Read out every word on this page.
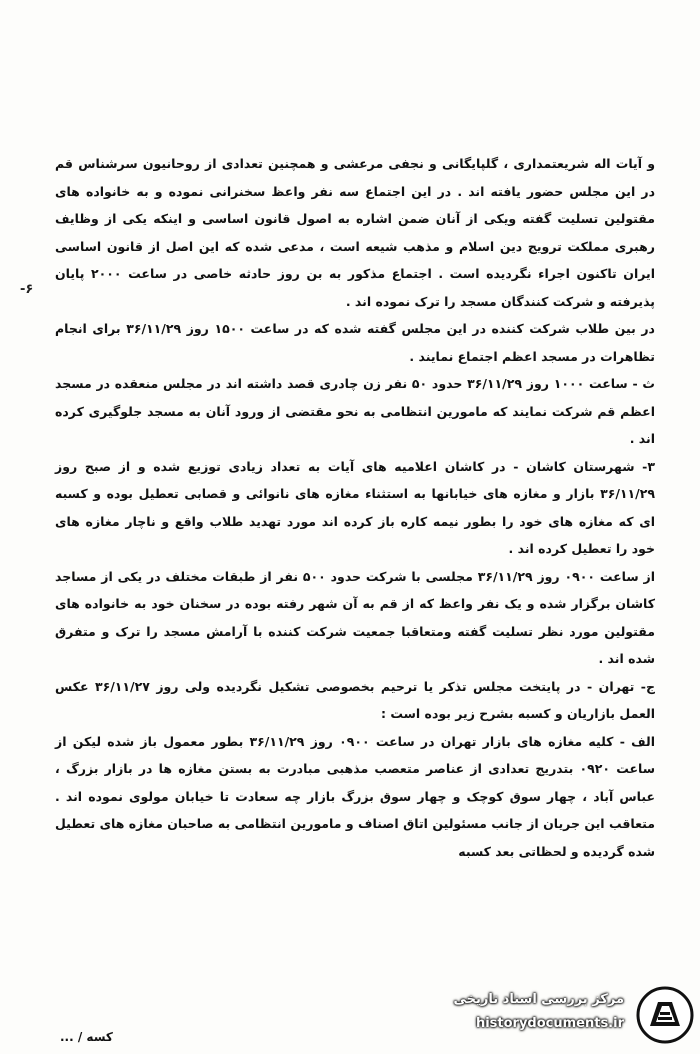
-۶

و آیات اله شریعتمداری ، گلپایگانی و نجفی مرعشی و همچنین تعدادی از روحانیون سرشناس قم در این مجلس حضور یافته اند . در این اجتماع سه نفر واعظ سخنرانی نموده و به خانواده های مقتولین تسلیت گفته ویکی از آنان ضمن اشاره به اصول قانون اساسی و اینکه یکی از وظایف رهبری مملکت ترویج دین اسلام و مذهب شیعه است ، مدعی شده که این اصل از قانون اساسی ایران تاکنون اجراء نگردیده است . اجتماع مذکور به بن روز حادثه خاصی در ساعت ۲۰۰۰ پایان پذیرفته و شرکت کنندگان مسجد را ترک نموده اند .

در بین طلاب شرکت کننده در این مجلس گفته شده که در ساعت ۱۵۰۰ روز ۳۶/۱۱/۲۹ برای انجام تظاهرات در مسجد اعظم اجتماع نمایند .

ث - ساعت ۱۰۰۰ روز ۳۶/۱۱/۲۹ حدود ۵۰ نفر زن چادری قصد داشته اند در مجلس منعقده در مسجد اعظم قم شرکت نمایند که مامورین انتظامی به نحو مقتضی از ورود آنان به مسجد جلوگیری کرده اند .

۳- شهرستان کاشان - در کاشان اعلامیه های آیات به تعداد زیادی توزیع شده و از صبح روز ۳۶/۱۱/۲۹ بازار و مغازه های خیابانها به استثناء مغازه های نانوائی و قصابی تعطیل بوده و کسبه ای که مغازه های خود را بطور نیمه کاره باز کرده اند مورد تهدید طلاب واقع و ناچار مغازه های خود را تعطیل کرده اند .

از ساعت ۰۹۰۰ روز ۳۶/۱۱/۲۹ مجلسی با شرکت حدود ۵۰۰ نفر از طبقات مختلف در یکی از مساجد کاشان برگزار شده و یک نفر واعظ که از قم به آن شهر رفته بوده در سخنان خود به خانواده های مقتولین مورد نظر تسلیت گفته ومتعاقبا جمعیت شرکت کننده با آرامش مسجد را ترک و متفرق شده اند .

ج- تهران - در پایتخت مجلس تذکر یا ترحیم بخصوصی تشکیل نگردیده ولی روز ۳۶/۱۱/۲۷ عکس العمل بازاریان و کسبه بشرح زیر بوده است :

الف - کلیه مغازه های بازار تهران در ساعت ۰۹۰۰ روز ۳۶/۱۱/۲۹ بطور معمول باز شده لیکن از ساعت ۰۹۲۰ بتدریج تعدادی از عناصر متعصب مذهبی مبادرت به بستن مغازه ها در بازار بزرگ ، عباس آباد ، چهار سوق کوچک و چهار سوق بزرگ بازار چه سعادت تا خیابان مولوی نموده اند . متعاقب این جریان از جانب مسئولین اتاق اصناف و مامورین انتظامی به صاحبان مغازه های تعطیل شده گردیده و لحظاتی بعد کسبه

کسه / ...
مرکز بررسی اسناد تاریخی
historydocuments.ir
